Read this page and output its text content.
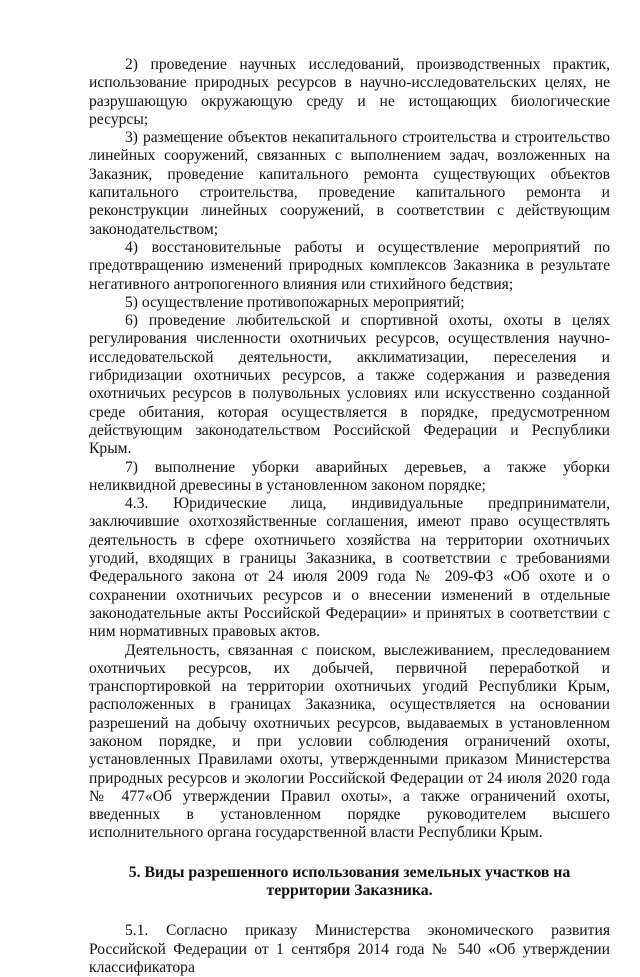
2) проведение научных исследований, производственных практик, использование природных ресурсов в научно-исследовательских целях, не разрушающую окружающую среду и не истощающих биологические ресурсы;

3) размещение объектов некапитального строительства и строительство линейных сооружений, связанных с выполнением задач, возложенных на Заказник, проведение капитального ремонта существующих объектов капитального строительства, проведение капитального ремонта и реконструкции линейных сооружений, в соответствии с действующим законодательством;

4) восстановительные работы и осуществление мероприятий по предотвращению изменений природных комплексов Заказника в результате негативного антропогенного влияния или стихийного бедствия;

5) осуществление противопожарных мероприятий;

6) проведение любительской и спортивной охоты, охоты в целях регулирования численности охотничьих ресурсов, осуществления научно-исследовательской деятельности, акклиматизации, переселения и гибридизации охотничьих ресурсов, а также содержания и разведения охотничьих ресурсов в полувольных условиях или искусственно созданной среде обитания, которая осуществляется в порядке, предусмотренном действующим законодательством Российской Федерации и Республики Крым.

7) выполнение уборки аварийных деревьев, а также уборки неликвидной древесины в установленном законом порядке;

4.3. Юридические лица, индивидуальные предприниматели, заключившие охотхозяйственные соглашения, имеют право осуществлять деятельность в сфере охотничьего хозяйства на территории охотничьих угодий, входящих в границы Заказника, в соответствии с требованиями Федерального закона от 24 июля 2009 года № 209-ФЗ «Об охоте и о сохранении охотничьих ресурсов и о внесении изменений в отдельные законодательные акты Российской Федерации» и принятых в соответствии с ним нормативных правовых актов.

Деятельность, связанная с поиском, выслеживанием, преследованием охотничьих ресурсов, их добычей, первичной переработкой и транспортировкой на территории охотничьих угодий Республики Крым, расположенных в границах Заказника, осуществляется на основании разрешений на добычу охотничьих ресурсов, выдаваемых в установленном законом порядке, и при условии соблюдения ограничений охоты, установленных Правилами охоты, утвержденными приказом Министерства природных ресурсов и экологии Российской Федерации от 24 июля 2020 года № 477«Об утверждении Правил охоты», а также ограничений охоты, введенных в установленном порядке руководителем высшего исполнительного органа государственной власти Республики Крым.

5. Виды разрешенного использования земельных участков на
территории Заказника.

5.1. Согласно приказу Министерства экономического развития Российской Федерации от 1 сентября 2014 года № 540 «Об утверждении классификатора
